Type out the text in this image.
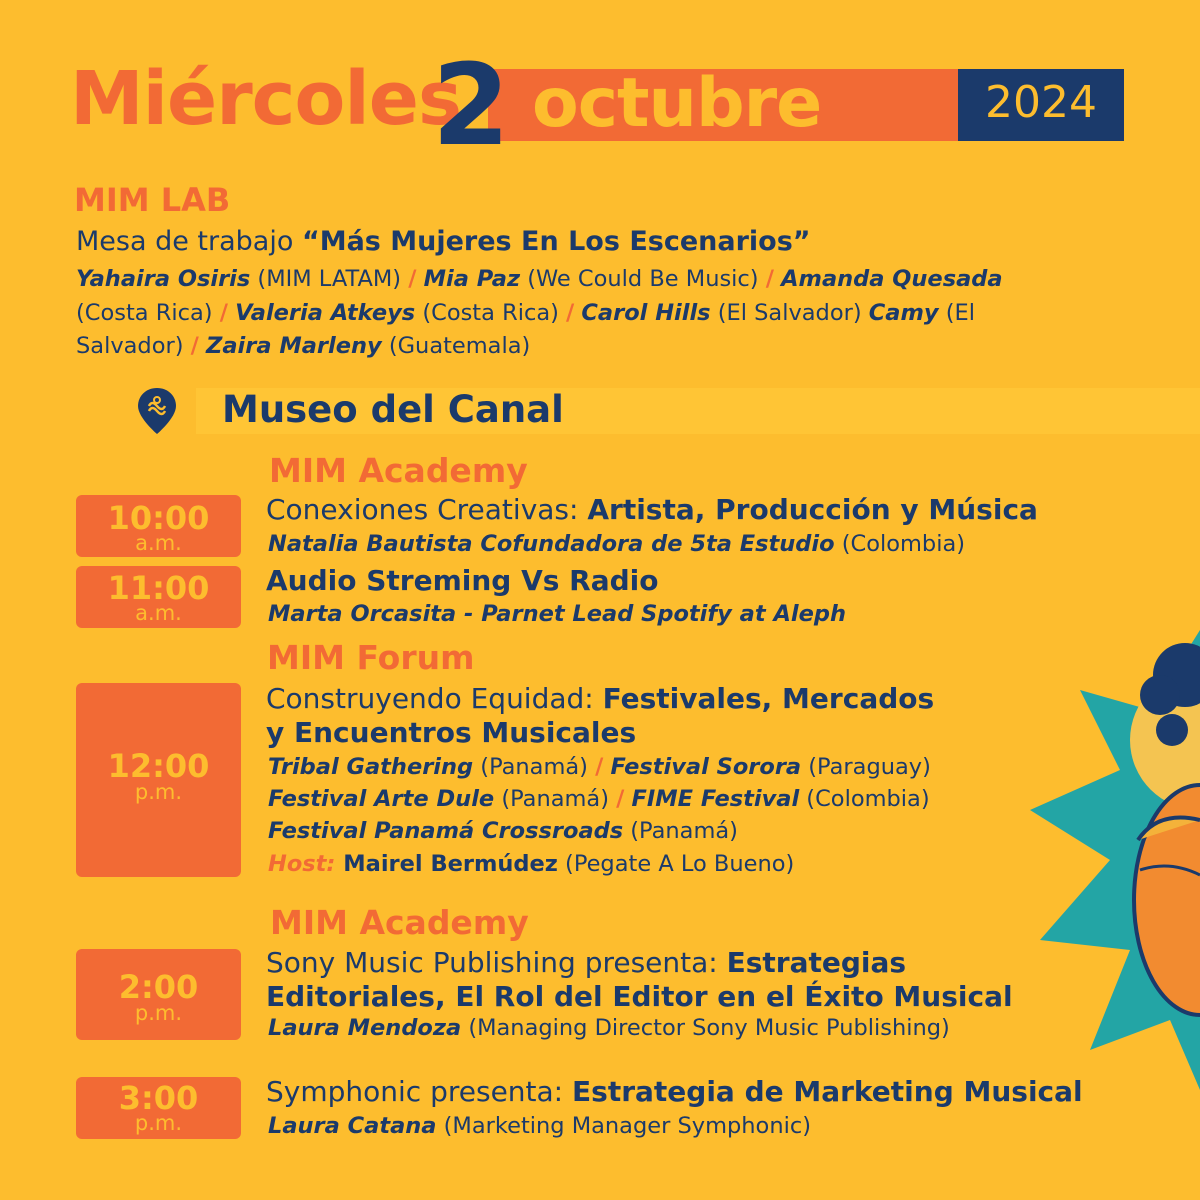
Miércoles
2 octubre	2024
MIM LAB
Mesa de trabajo “Más Mujeres En Los Escenarios”
Yahaira Osiris (MIM LATAM) / Mia Paz (We Could Be Music) / Amanda Quesada (Costa Rica) / Valeria Atkeys (Costa Rica) / Carol Hills (El Salvador) Camy (El Salvador) / Zaira Marleny (Guatemala)
Museo del Canal
MIM Academy
10:00
a.m.
Conexiones Creativas: Artista, Producción y Música
Natalia Bautista Cofundadora de 5ta Estudio (Colombia)
11:00
a.m.
Audio Streming Vs Radio
Marta Orcasita - Parnet Lead Spotify at Aleph
MIM Forum
12:00
p.m.
Construyendo Equidad: Festivales, Mercados
y Encuentros Musicales
Tribal Gathering (Panamá) / Festival Sorora (Paraguay)
Festival Arte Dule (Panamá) / FIME Festival (Colombia)
Festival Panamá Crossroads (Panamá)
Host: Mairel Bermúdez (Pegate A Lo Bueno)
MIM Academy
2:00
p.m.
Sony Music Publishing presenta: Estrategias
Editoriales, El Rol del Editor en el Éxito Musical
Laura Mendoza (Managing Director Sony Music Publishing)
3:00
p.m.
Symphonic presenta: Estrategia de Marketing Musical
Laura Catana (Marketing Manager Symphonic)
